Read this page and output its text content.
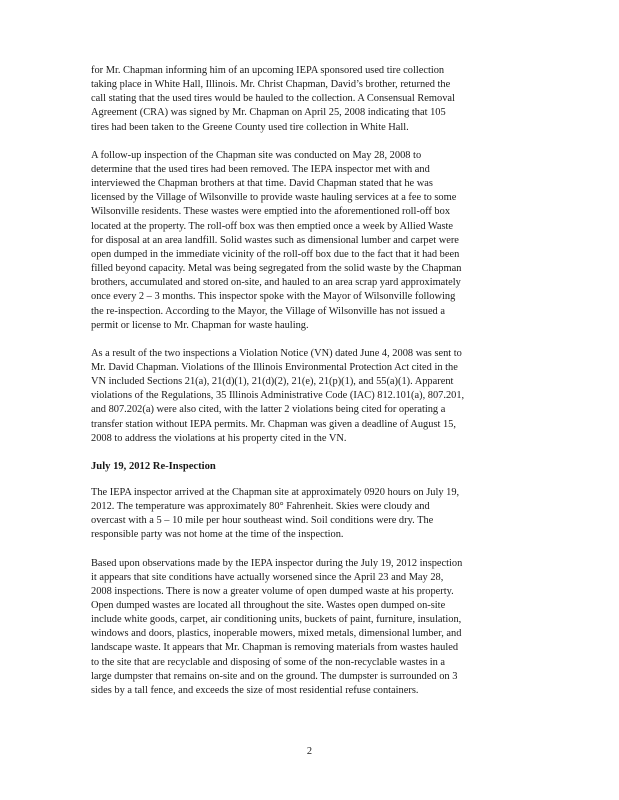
for Mr. Chapman informing him of an upcoming IEPA sponsored used tire collection
taking place in White Hall, Illinois. Mr. Christ Chapman, David’s brother, returned the
call stating that the used tires would be hauled to the collection. A Consensual Removal
Agreement (CRA) was signed by Mr. Chapman on April 25, 2008 indicating that 105
tires had been taken to the Greene County used tire collection in White Hall.

A follow-up inspection of the Chapman site was conducted on May 28, 2008 to
determine that the used tires had been removed. The IEPA inspector met with and
interviewed the Chapman brothers at that time. David Chapman stated that he was
licensed by the Village of Wilsonville to provide waste hauling services at a fee to some
Wilsonville residents. These wastes were emptied into the aforementioned roll-off box
located at the property. The roll-off box was then emptied once a week by Allied Waste
for disposal at an area landfill. Solid wastes such as dimensional lumber and carpet were
open dumped in the immediate vicinity of the roll-off box due to the fact that it had been
filled beyond capacity. Metal was being segregated from the solid waste by the Chapman
brothers, accumulated and stored on-site, and hauled to an area scrap yard approximately
once every 2 – 3 months. This inspector spoke with the Mayor of Wilsonville following
the re-inspection. According to the Mayor, the Village of Wilsonville has not issued a
permit or license to Mr. Chapman for waste hauling.

As a result of the two inspections a Violation Notice (VN) dated June 4, 2008 was sent to
Mr. David Chapman. Violations of the Illinois Environmental Protection Act cited in the
VN included Sections 21(a), 21(d)(1), 21(d)(2), 21(e), 21(p)(1), and 55(a)(1). Apparent
violations of the Regulations, 35 Illinois Administrative Code (IAC) 812.101(a), 807.201,
and 807.202(a) were also cited, with the latter 2 violations being cited for operating a
transfer station without IEPA permits. Mr. Chapman was given a deadline of August 15,
2008 to address the violations at his property cited in the VN.

July 19, 2012 Re-Inspection

The IEPA inspector arrived at the Chapman site at approximately 0920 hours on July 19,
2012. The temperature was approximately 80° Fahrenheit. Skies were cloudy and
overcast with a 5 – 10 mile per hour southeast wind. Soil conditions were dry. The
responsible party was not home at the time of the inspection.

Based upon observations made by the IEPA inspector during the July 19, 2012 inspection
it appears that site conditions have actually worsened since the April 23 and May 28,
2008 inspections. There is now a greater volume of open dumped waste at his property.
Open dumped wastes are located all throughout the site. Wastes open dumped on-site
include white goods, carpet, air conditioning units, buckets of paint, furniture, insulation,
windows and doors, plastics, inoperable mowers, mixed metals, dimensional lumber, and
landscape waste. It appears that Mr. Chapman is removing materials from wastes hauled
to the site that are recyclable and disposing of some of the non-recyclable wastes in a
large dumpster that remains on-site and on the ground. The dumpster is surrounded on 3
sides by a tall fence, and exceeds the size of most residential refuse containers.

2
